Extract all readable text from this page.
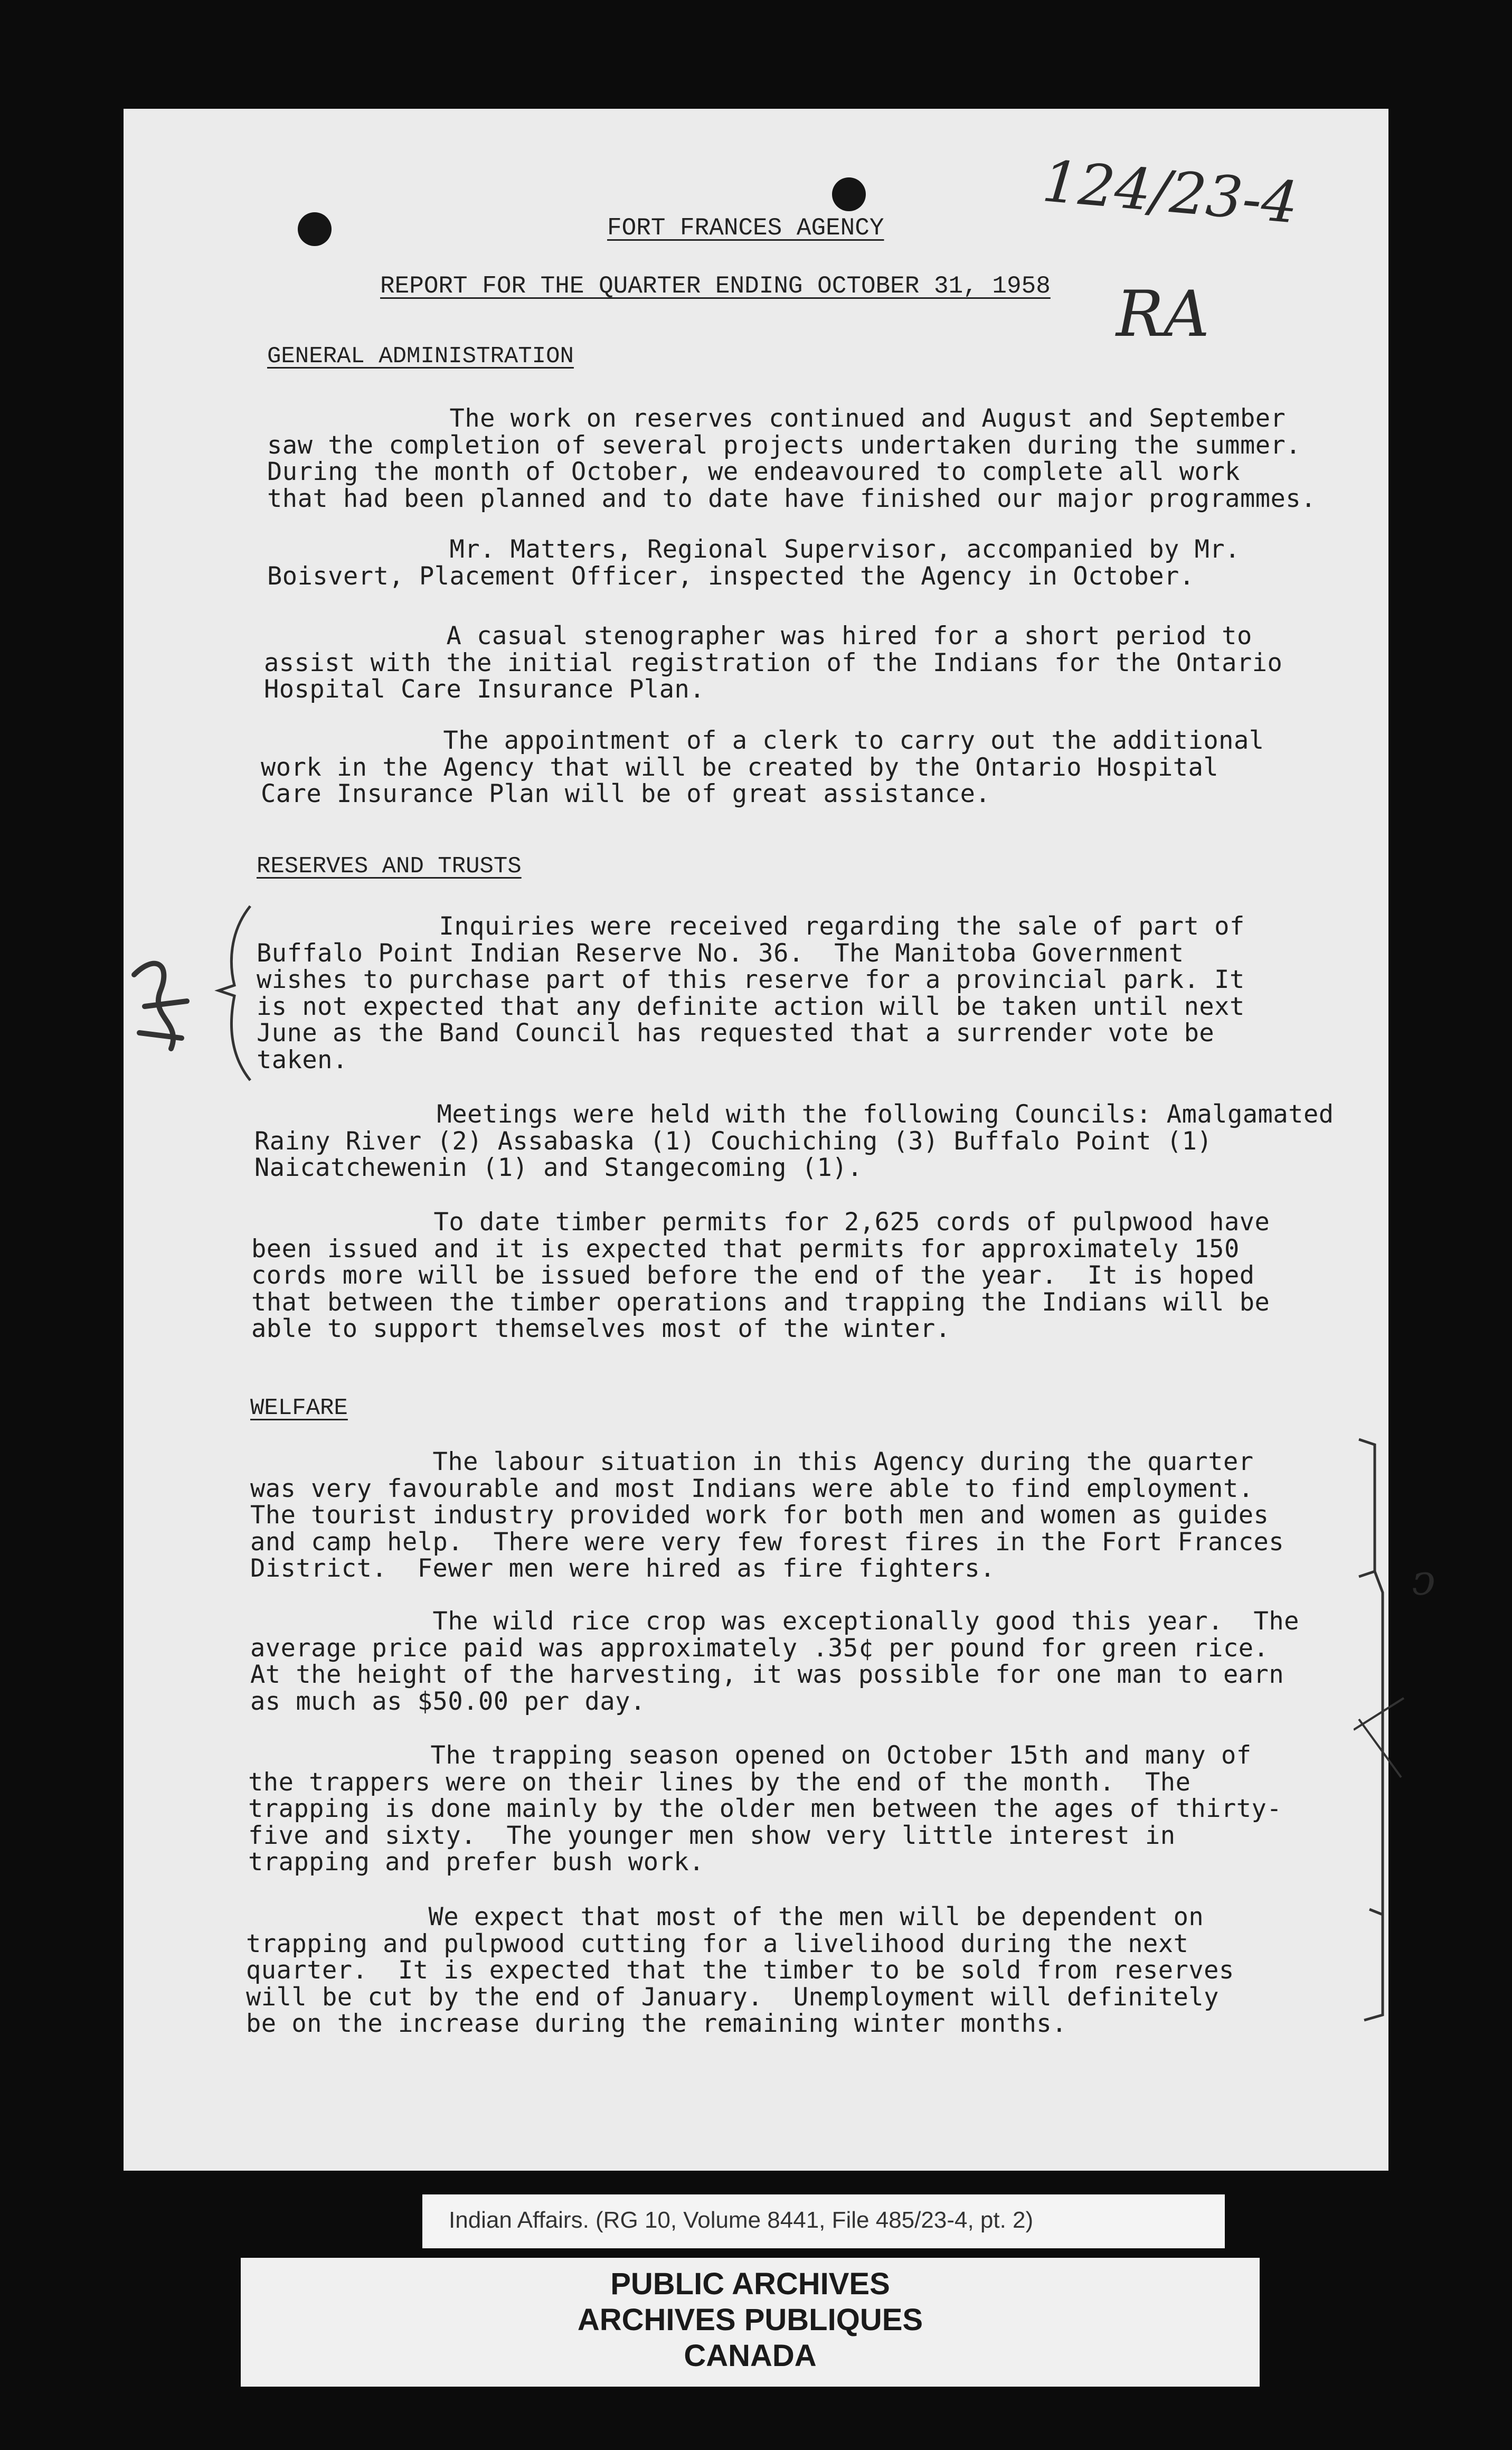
124/23-4
RA
FORT FRANCES AGENCY
REPORT FOR THE QUARTER ENDING OCTOBER 31, 1958
GENERAL ADMINISTRATION
The work on reserves continued and August and September
saw the completion of several projects undertaken during the summer.
During the month of October, we endeavoured to complete all work
that had been planned and to date have finished our major programmes.
Mr. Matters, Regional Supervisor, accompanied by Mr.
Boisvert, Placement Officer, inspected the Agency in October.
A casual stenographer was hired for a short period to
assist with the initial registration of the Indians for the Ontario
Hospital Care Insurance Plan.
The appointment of a clerk to carry out the additional
work in the Agency that will be created by the Ontario Hospital
Care Insurance Plan will be of great assistance.
RESERVES AND TRUSTS
Inquiries were received regarding the sale of part of
Buffalo Point Indian Reserve No. 36.  The Manitoba Government
wishes to purchase part of this reserve for a provincial park. It
is not expected that any definite action will be taken until next
June as the Band Council has requested that a surrender vote be
taken.
Meetings were held with the following Councils: Amalgamated
Rainy River (2) Assabaska (1) Couchiching (3) Buffalo Point (1)
Naicatchewenin (1) and Stangecoming (1).
To date timber permits for 2,625 cords of pulpwood have
been issued and it is expected that permits for approximately 150
cords more will be issued before the end of the year.  It is hoped
that between the timber operations and trapping the Indians will be
able to support themselves most of the winter.
WELFARE
The labour situation in this Agency during the quarter
was very favourable and most Indians were able to find employment.
The tourist industry provided work for both men and women as guides
and camp help.  There were very few forest fires in the Fort Frances
District.  Fewer men were hired as fire fighters.
The wild rice crop was exceptionally good this year.  The
average price paid was approximately .35¢ per pound for green rice.
At the height of the harvesting, it was possible for one man to earn
as much as $50.00 per day.
The trapping season opened on October 15th and many of
the trappers were on their lines by the end of the month.  The
trapping is done mainly by the older men between the ages of thirty-
five and sixty.  The younger men show very little interest in
trapping and prefer bush work.
We expect that most of the men will be dependent on
trapping and pulpwood cutting for a livelihood during the next
quarter.  It is expected that the timber to be sold from reserves
will be cut by the end of January.  Unemployment will definitely
be on the increase during the remaining winter months.
ↄ
Indian Affairs. (RG 10, Volume 8441, File 485/23-4, pt. 2)
PUBLIC ARCHIVES
ARCHIVES PUBLIQUES
CANADA
